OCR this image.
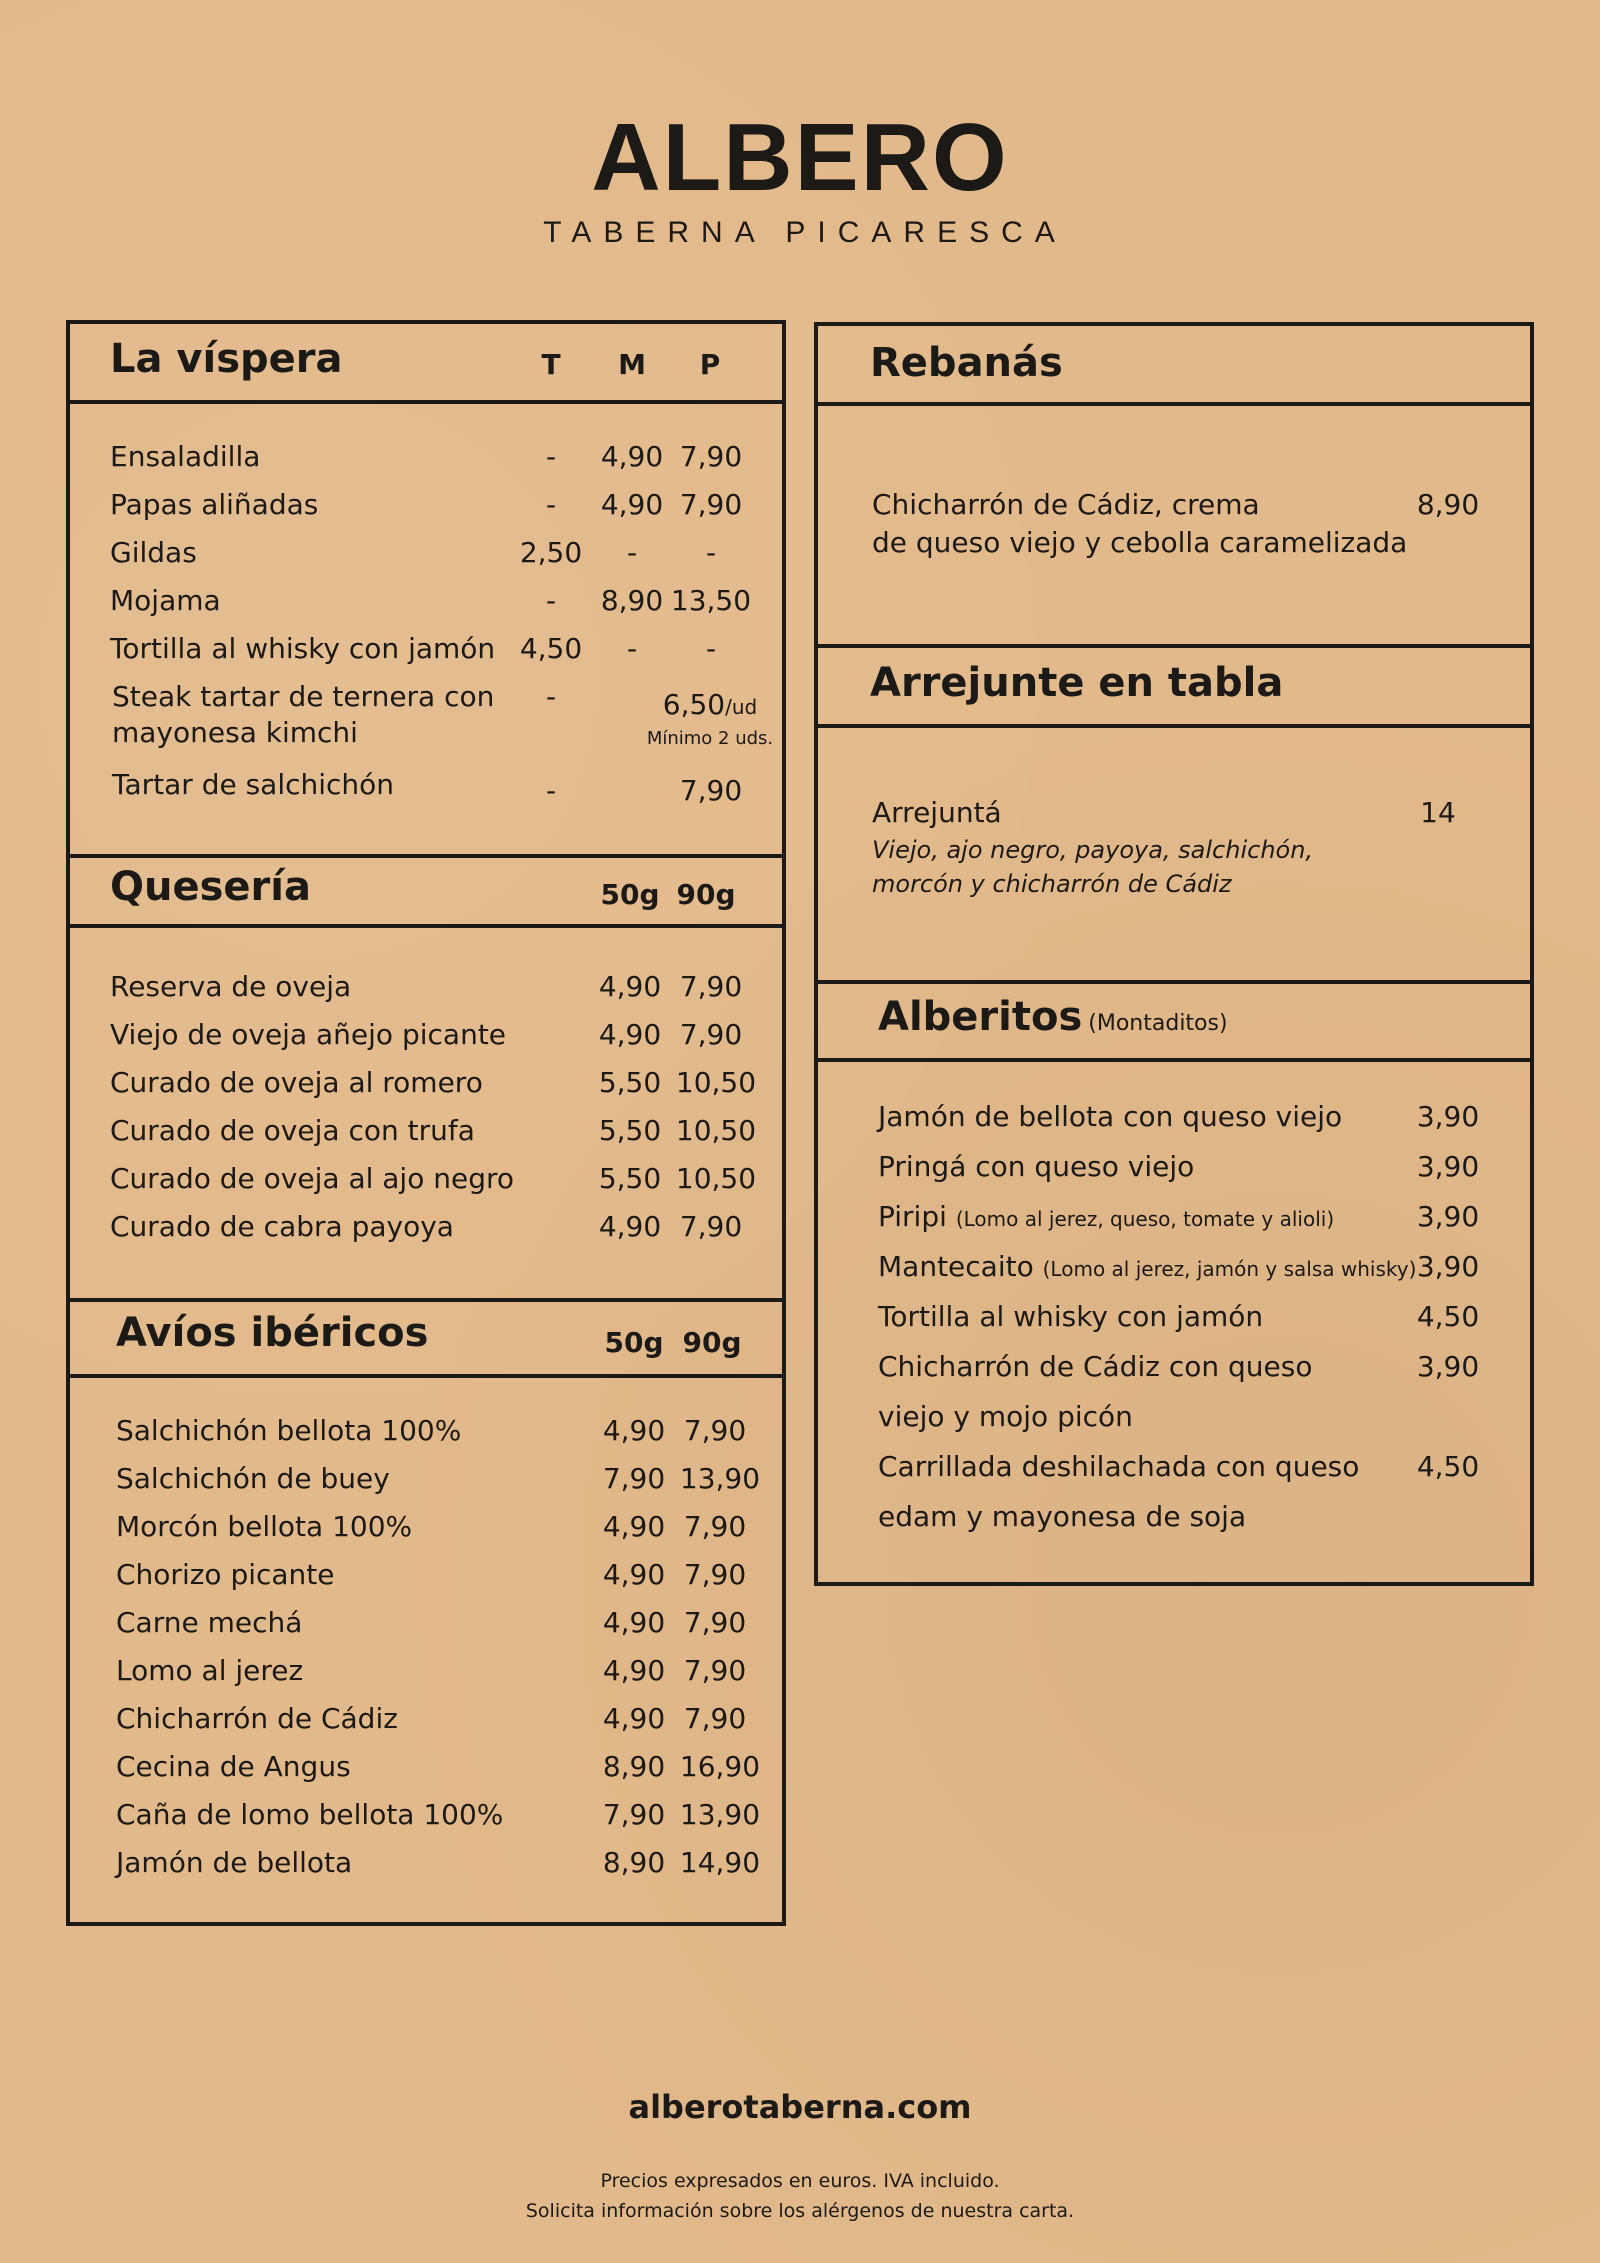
ALBERO
TABERNA PICARESCA
La víspera	T	M	P
Ensaladilla	-	4,90 7,90
Papas aliñadas	-	4,90 7,90
Gildas	2,50	-	-
Mojama	-	8,90 13,50
Tortilla al whisky con jamón 4,50	-	-
Steak tartar de ternera con
mayonesa kimchi
-	6,50/ud
Mínimo 2 uds.
Tartar de salchichón	-	7,90
Quesería	50g 90g
Reserva de oveja	4,90 7,90
Viejo de oveja añejo picante	4,90 7,90
Curado de oveja al romero	5,50 10,50
Curado de oveja con trufa	5,50 10,50
Curado de oveja al ajo negro	5,50 10,50
Curado de cabra payoya	4,90 7,90
Avíos ibéricos	50g 90g
Salchichón bellota 100%	4,90 7,90
Salchichón de buey	7,90 13,90
Morcón bellota 100%	4,90 7,90
Chorizo picante	4,90 7,90
Carne mechá	4,90 7,90
Lomo al jerez	4,90 7,90
Chicharrón de Cádiz	4,90 7,90
Cecina de Angus	8,90 16,90
Caña de lomo bellota 100%	7,90 13,90
Jamón de bellota	8,90 14,90
Rebanás
Chicharrón de Cádiz, crema
de queso viejo y cebolla caramelizada
8,90
Arrejunte en tabla
Arrejuntá	14
Viejo, ajo negro, payoya, salchichón,
morcón y chicharrón de Cádiz
Alberitos (Montaditos)
Jamón de bellota con queso viejo	3,90
Pringá con queso viejo	3,90
Piripi (Lomo al jerez, queso, tomate y alioli)	3,90
Mantecaito (Lomo al jerez, jamón y salsa whisky) 3,90
Tortilla al whisky con jamón	4,50
Chicharrón de Cádiz con queso
viejo y mojo picón
3,90
Carrillada deshilachada con queso
edam y mayonesa de soja
4,50
alberotaberna.com
Precios expresados en euros. IVA incluido.
Solicita información sobre los alérgenos de nuestra carta.
